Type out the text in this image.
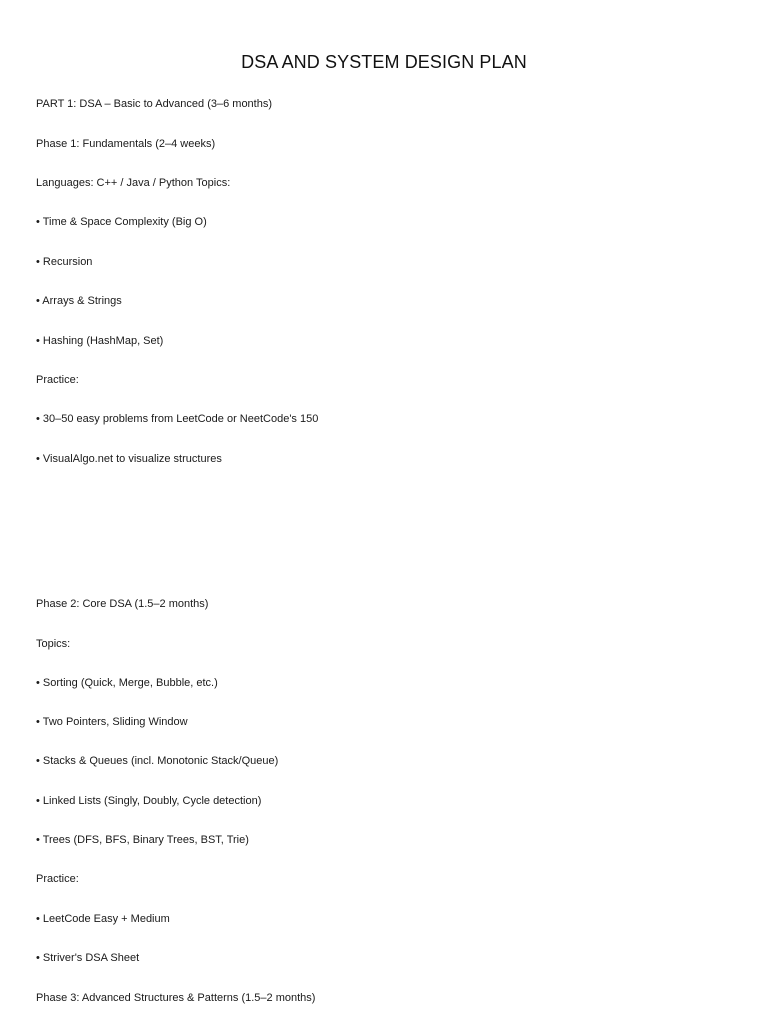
DSA AND SYSTEM DESIGN PLAN
PART 1: DSA – Basic to Advanced (3–6 months)
Phase 1: Fundamentals (2–4 weeks)
Languages: C++ / Java / Python Topics:
• Time & Space Complexity (Big O)
• Recursion
• Arrays & Strings
• Hashing (HashMap, Set)
Practice:
• 30–50 easy problems from LeetCode or NeetCode's 150
• VisualAlgo.net to visualize structures
Phase 2: Core DSA (1.5–2 months)
Topics:
• Sorting (Quick, Merge, Bubble, etc.)
• Two Pointers, Sliding Window
• Stacks & Queues (incl. Monotonic Stack/Queue)
• Linked Lists (Singly, Doubly, Cycle detection)
• Trees (DFS, BFS, Binary Trees, BST, Trie)
Practice:
• LeetCode Easy + Medium
• Striver's DSA Sheet
Phase 3: Advanced Structures & Patterns (1.5–2 months)
